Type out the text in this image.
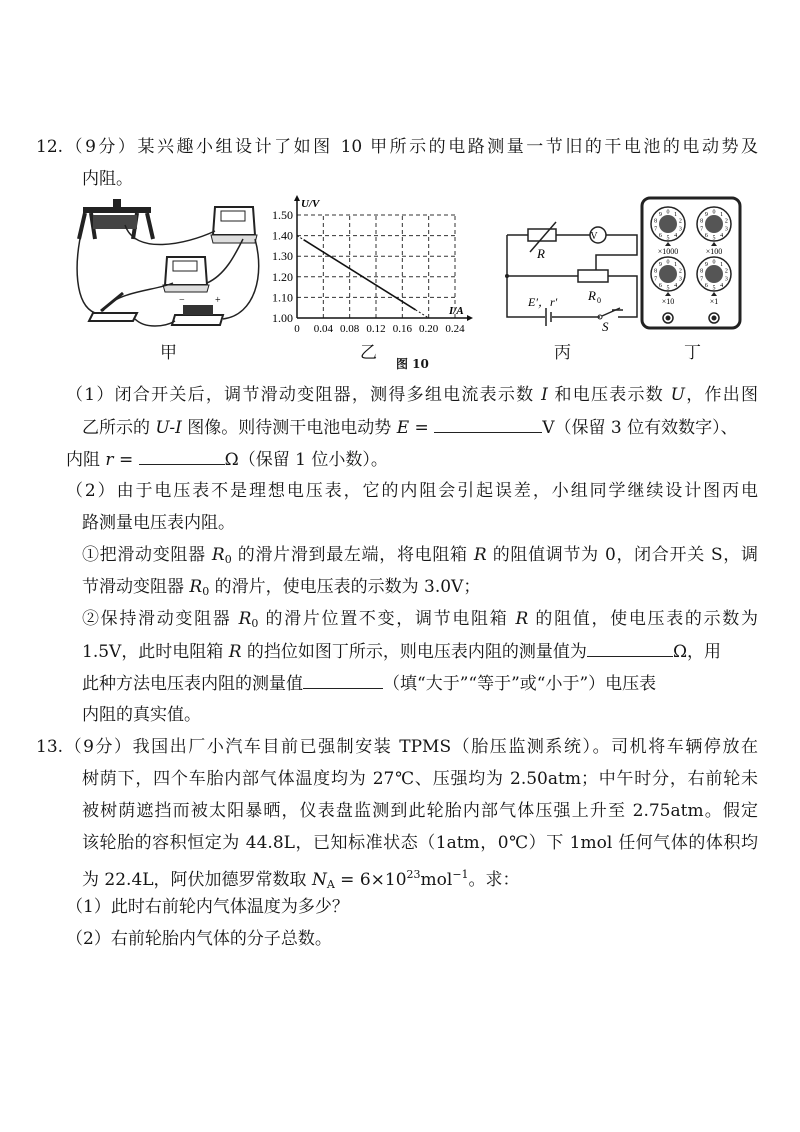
12.（9分）某兴趣小组设计了如图 10 甲所示的电路测量一节旧的干电池的电动势及
内阻。
−	+
0 0.04 0.08 0.12 0.16 0.20 0.24
1.00
1.10
1.20
1.30
1.40
1.50
U/V
I/A
R
V
R 0
E′，r′
S
0 1
2
3
4
5
6
7
8
9
×1000
0 1
2
3
4
5
6
7
8
9
×100
0 1
2
3
4
5
6
7
8
9
×10
0 1
2
3
4
5
6
7
8
9
×1
甲	乙	丙	丁
图 10
（1）闭合开关后，调节滑动变阻器，测得多组电流表示数 I 和电压表示数 U，作出图
乙所示的 U-I 图像。则待测干电池电动势 E =	V（保留 3 位有效数字）、
内阻 r =	Ω（保留 1 位小数）。
（2）由于电压表不是理想电压表，它的内阻会引起误差，小组同学继续设计图丙电
路测量电压表内阻。
①把滑动变阻器 $R_0$ 的滑片滑到最左端，将电阻箱 R 的阻值调节为 0，闭合开关 S，调
节滑动变阻器 $R_0$ 的滑片，使电压表的示数为 3.0V；
②保持滑动变阻器 $R_0$ 的滑片位置不变，调节电阻箱 R 的阻值，使电压表的示数为
1.5V，此时电阻箱 R 的挡位如图丁所示，则电压表内阻的测量值为	Ω，用
此种方法电压表内阻的测量值	（填“大于”“等于”或“小于”）电压表
内阻的真实值。
13.（9分）我国出厂小汽车目前已强制安装 TPMS（胎压监测系统）。司机将车辆停放在
树荫下，四个车胎内部气体温度均为 27℃、压强均为 2.50atm；中午时分，右前轮未
被树荫遮挡而被太阳暴晒，仪表盘监测到此轮胎内部气体压强上升至 2.75atm。假定
该轮胎的容积恒定为 44.8L，已知标准状态（1atm，0℃）下 1mol 任何气体的体积均
为 22.4L，阿伏加德罗常数取 $N_A = 6\times 10^{23}mol^{-1}$。求：
（1）此时右前轮内气体温度为多少？
（2）右前轮胎内气体的分子总数。
